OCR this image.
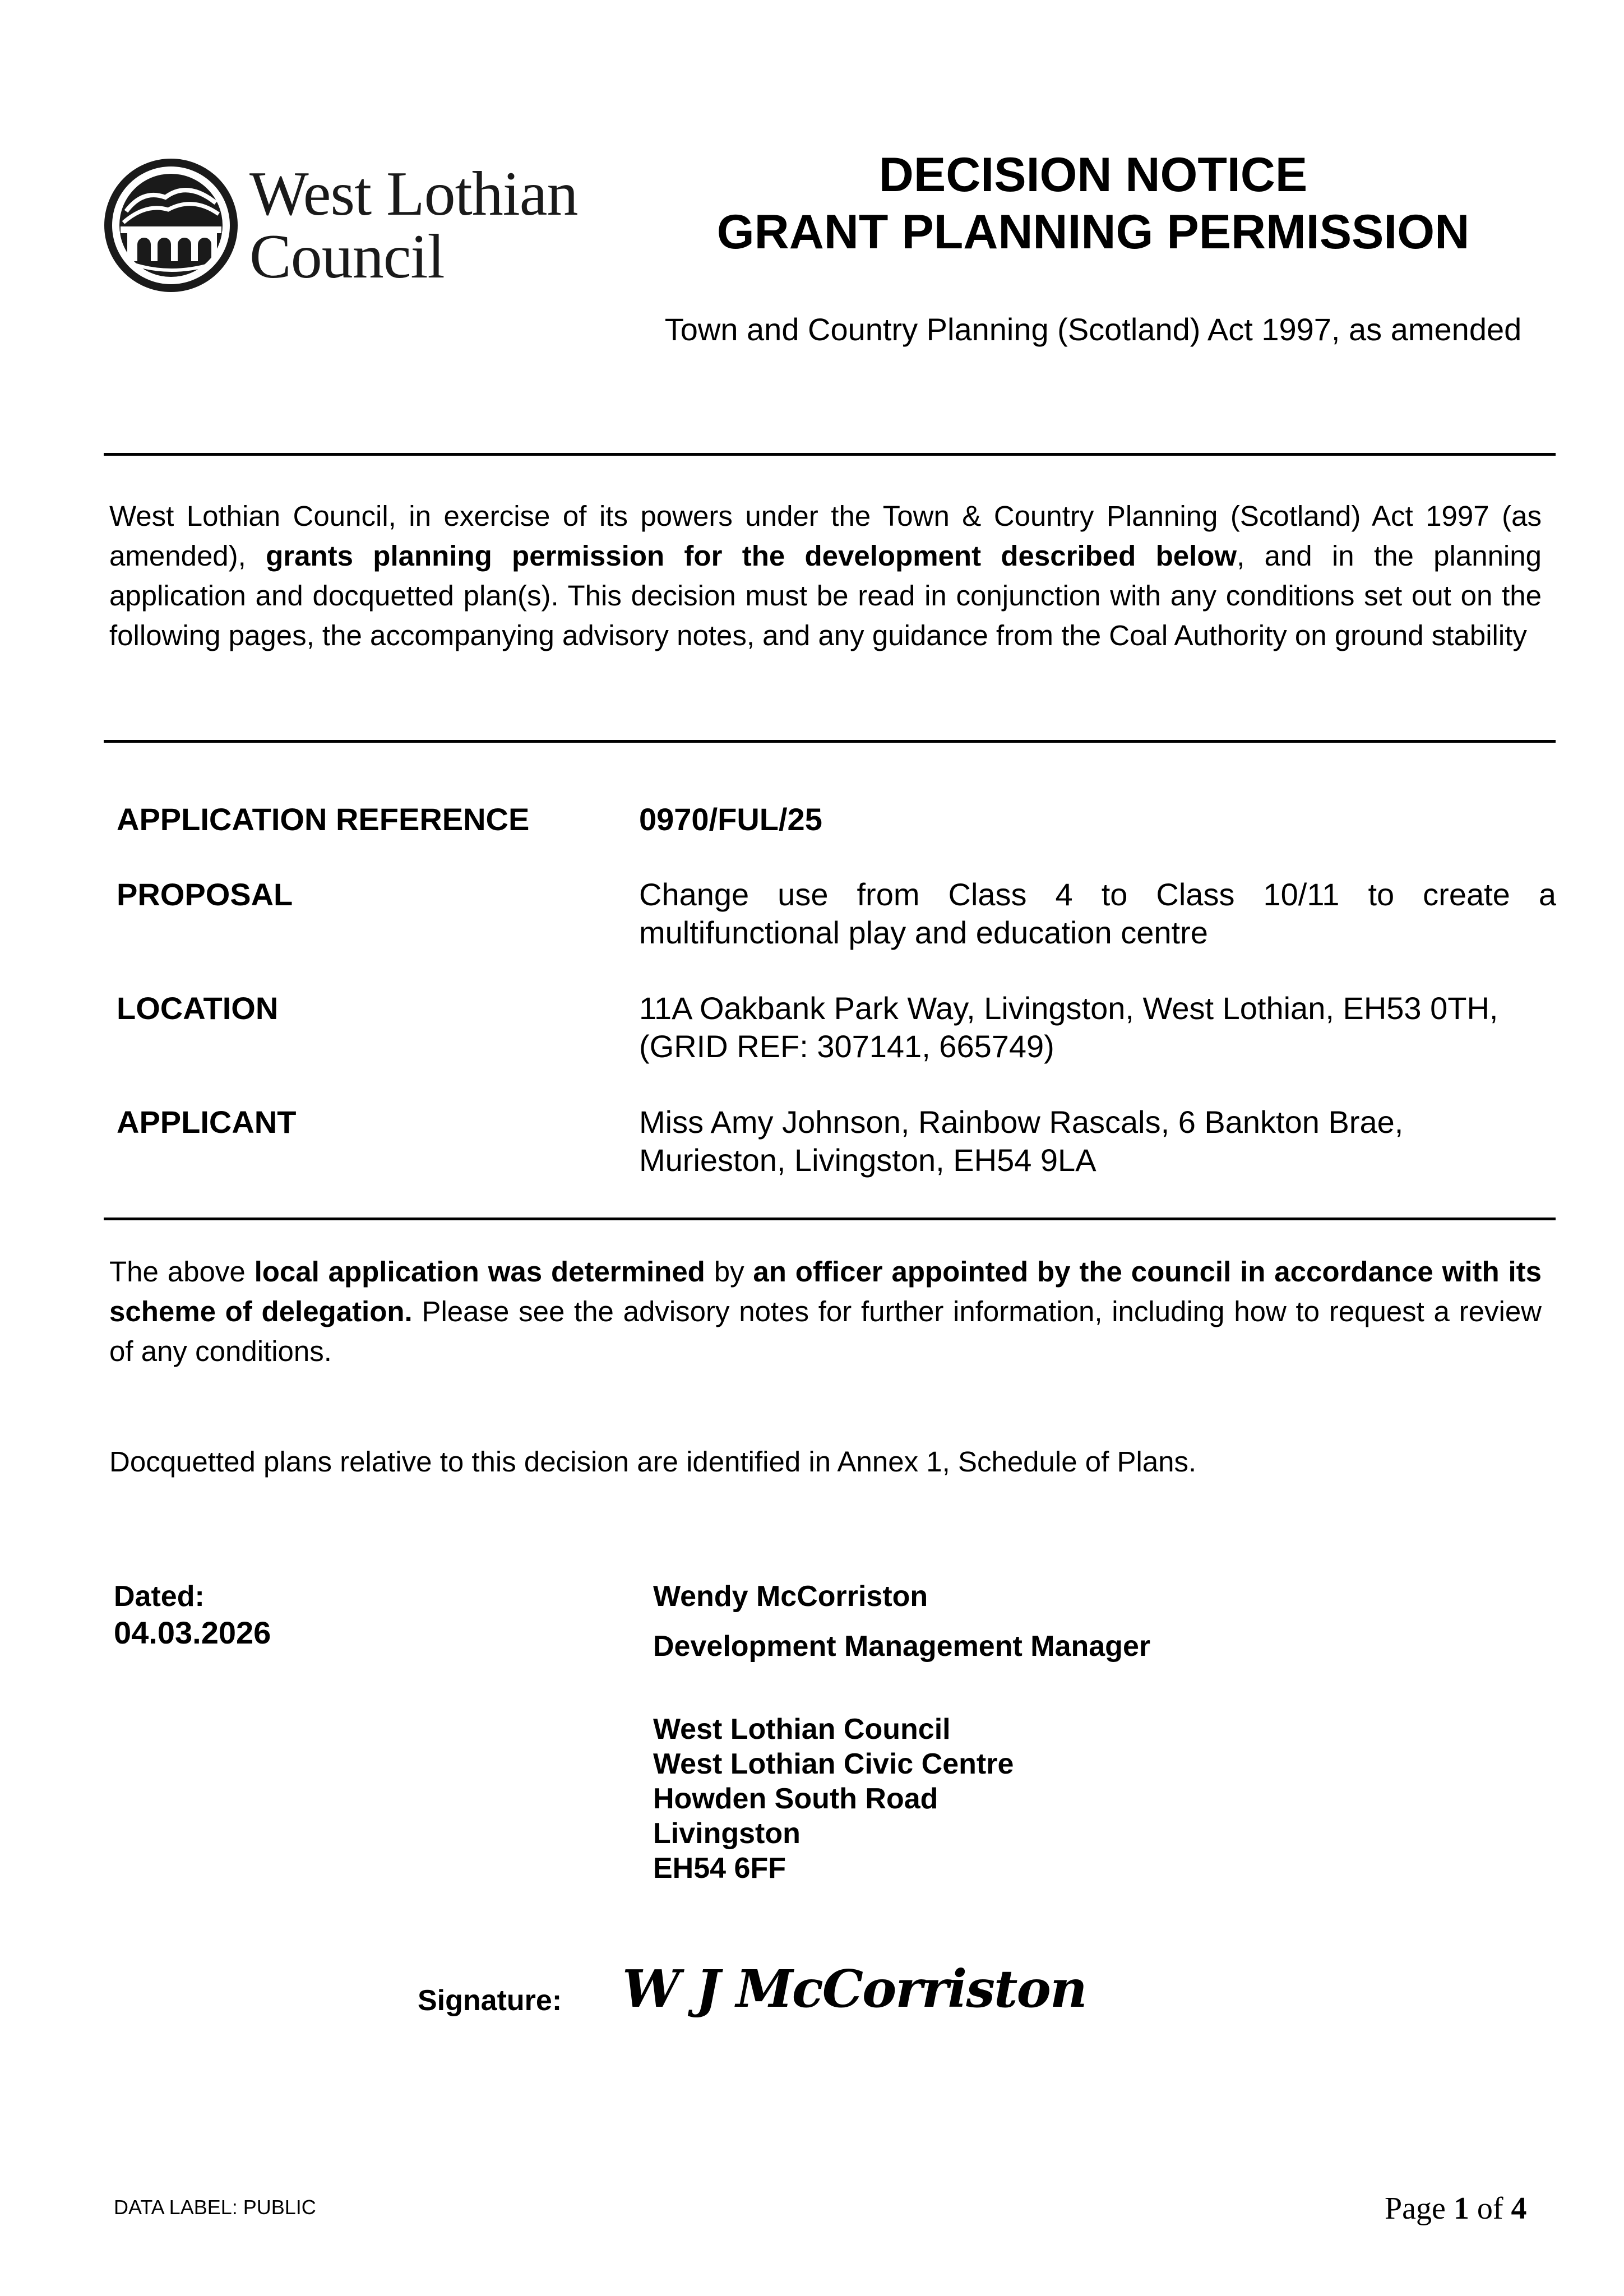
West Lothian
Council
DECISION NOTICE
GRANT PLANNING PERMISSION
Town and Country Planning (Scotland) Act 1997, as amended
West Lothian Council, in exercise of its powers under the Town & Country Planning (Scotland) Act 1997 (as amended), grants planning permission for the development described below, and in the planning application and docquetted plan(s). This decision must be read in conjunction with any conditions set out on the following pages, the accompanying advisory notes, and any guidance from the Coal Authority on ground stability
APPLICATION REFERENCE	0970/FUL/25
PROPOSAL	Change use from Class 4 to Class 10/11 to create a multifunctional play and education centre
LOCATION	11A Oakbank Park Way, Livingston, West Lothian, EH53 0TH, (GRID REF: 307141, 665749)
APPLICANT	Miss Amy Johnson, Rainbow Rascals, 6 Bankton Brae,
Murieston, Livingston, EH54 9LA
The above local application was determined by an officer appointed by the council in accordance with its scheme of delegation. Please see the advisory notes for further information, including how to request a review of any conditions.
Docquetted plans relative to this decision are identified in Annex 1, Schedule of Plans.
Dated:
04.03.2026
Wendy McCorriston
Development Management Manager
West Lothian Council
West Lothian Civic Centre
Howden South Road
Livingston
EH54 6FF
Signature: W J McCorriston
DATA LABEL: PUBLIC	Page 1 of 4
